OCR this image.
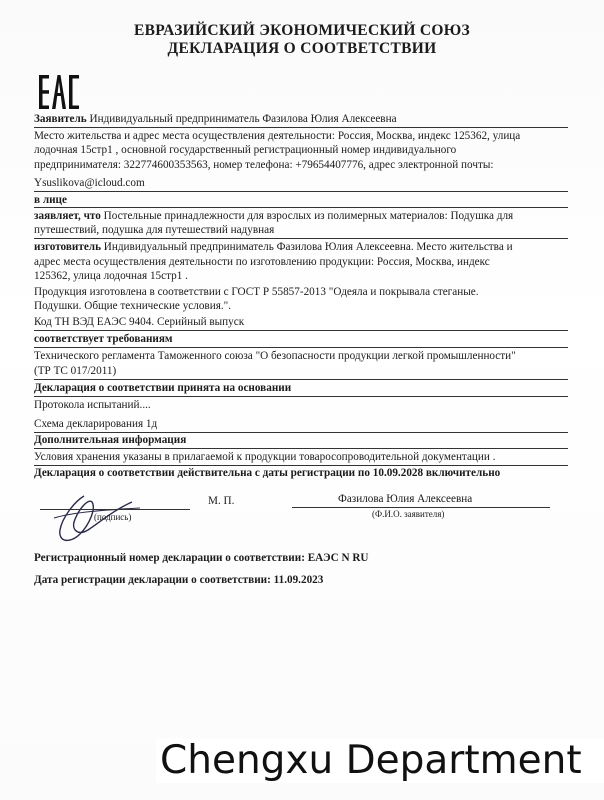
ЕВРАЗИЙСКИЙ ЭКОНОМИЧЕСКИЙ СОЮЗ
ДЕКЛАРАЦИЯ О СООТВЕТСТВИИ
Заявитель Индивидуальный предприниматель Фазилова Юлия Алексеевна
Место жительства и адрес места осуществления деятельности: Россия, Москва, индекс 125362, улица
лодочная 15стр1 , основной государственный регистрационный номер индивидуального
предпринимателя: 322774600353563, номер телефона: +79654407776, адрес электронной почты:
Ysuslikova@icloud.com
в лице
заявляет, что Постельные принадлежности для взрослых из полимерных материалов: Подушка для
путешествий, подушка для путешествий надувная
изготовитель Индивидуальный предприниматель Фазилова Юлия Алексеевна. Место жительства и
адрес места осуществления деятельности по изготовлению продукции: Россия, Москва, индекс
125362, улица лодочная 15стр1 .
Продукция изготовлена в соответствии с ГОСТ Р 55857-2013 "Одеяла и покрывала стеганые.
Подушки. Общие технические условия.".
Код ТН ВЭД ЕАЭС 9404. Серийный выпуск
соответствует требованиям
Технического регламента Таможенного союза "О безопасности продукции легкой промышленности"
(ТР ТС 017/2011)
Декларация о соответствии принята на основании
Протокола испытаний....
Схема декларирования 1д
Дополнительная информация
Условия хранения указаны в прилагаемой к продукции товаросопроводительной документации .
Декларация о соответствии действительна с даты регистрации по 10.09.2028 включительно
(подпись)
М. П.	Фазилова Юлия Алексеевна
(Ф.И.О. заявителя)
Регистрационный номер декларации о соответствии: ЕАЭС N RU
Дата регистрации декларации о соответствии: 11.09.2023
Chengxu Department
